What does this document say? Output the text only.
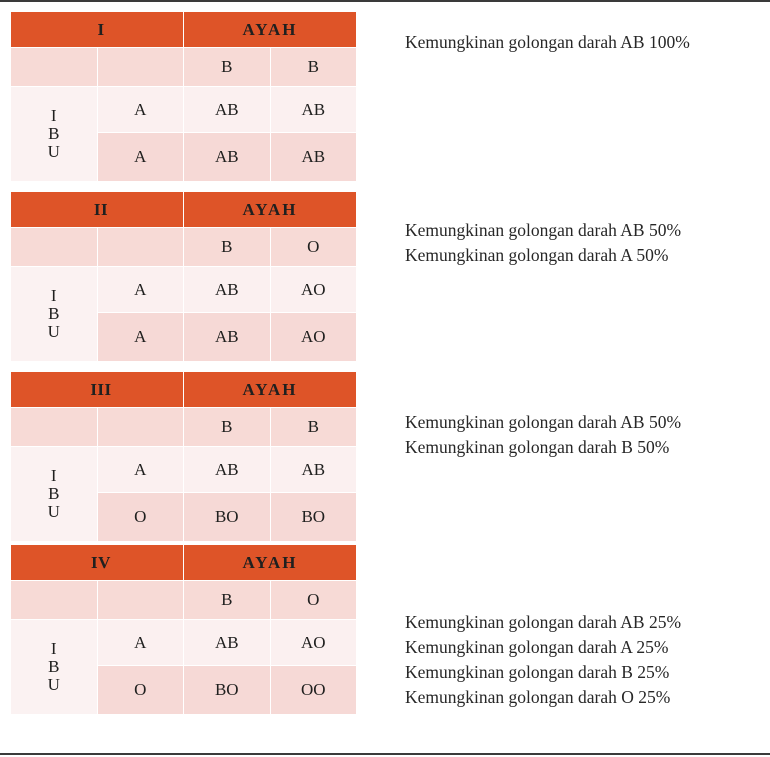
I		AYAH	
		B	B
I
B
U	A	AB	AB
	A	AB	AB
II		AYAH	
		B	O
I
B
U	A	AB	AO
	A	AB	AO
III		AYAH	
		B	B
I
B
U	A	AB	AB
	O	BO	BO
IV		AYAH	
		B	O
I
B
U	A	AB	AO
	O	BO	OO
Kemungkinan golongan darah AB 100%
Kemungkinan golongan darah AB 50%
Kemungkinan golongan darah A 50%
Kemungkinan golongan darah AB 50%
Kemungkinan golongan darah B 50%
Kemungkinan golongan darah AB 25%
Kemungkinan golongan darah A 25%
Kemungkinan golongan darah B 25%
Kemungkinan golongan darah O 25%
